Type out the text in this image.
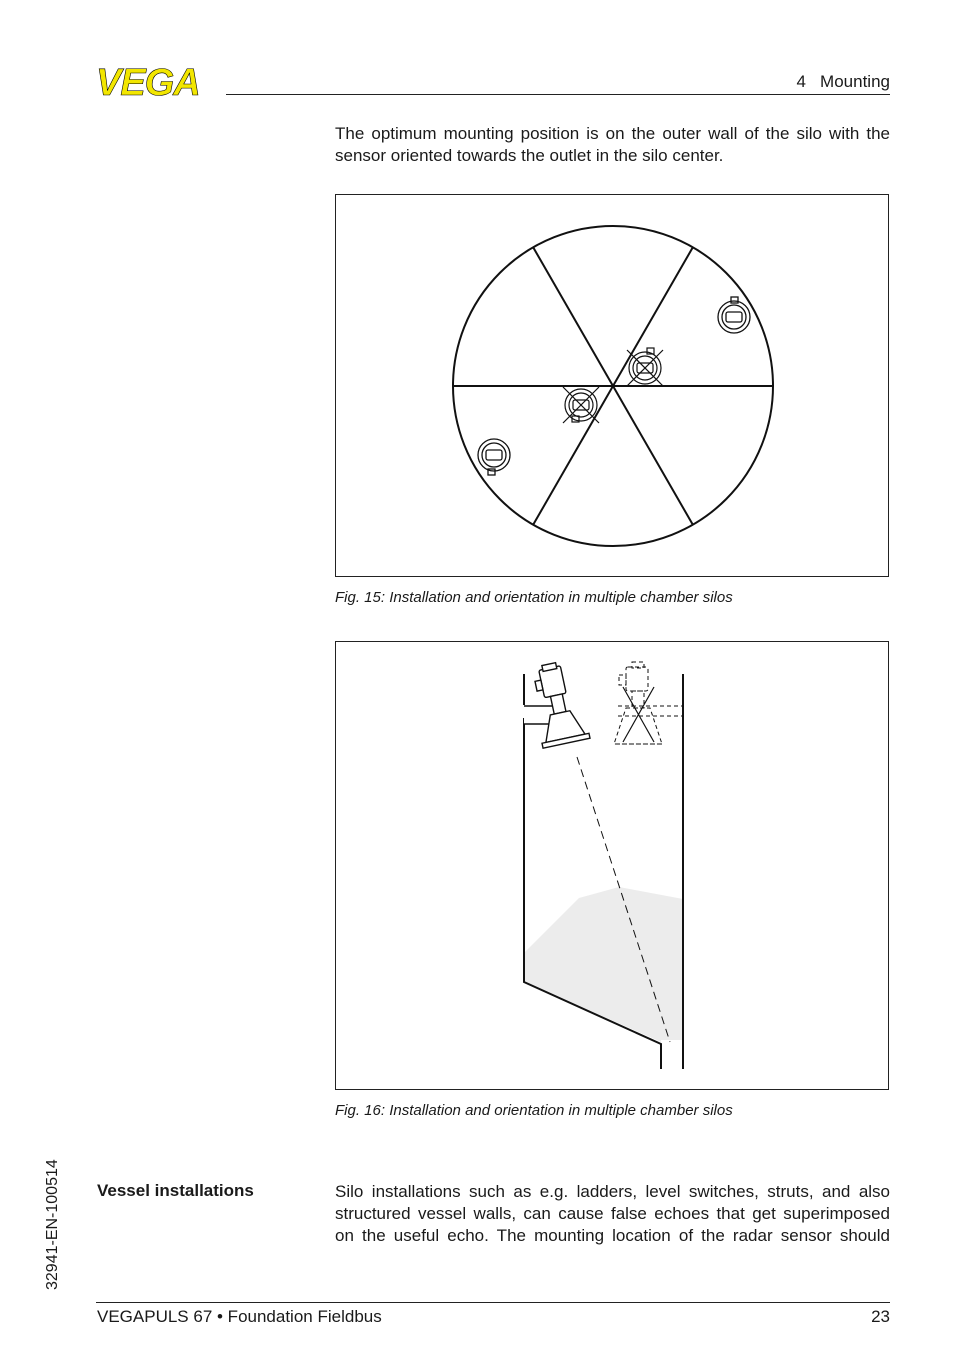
VEGA	4   Mounting
The optimum mounting position is on the outer wall of the silo with the
sensor oriented towards the outlet in the silo center.
Fig. 15: Installation and orientation in multiple chamber silos
Fig. 16: Installation and orientation in multiple chamber silos
Vessel installations	Silo installations such as e.g. ladders, level switches, struts, and also
structured vessel walls, can cause false echoes that get superimposed
on the useful echo. The mounting location of the radar sensor should
32941-EN-100514
VEGAPULS 67 • Foundation Fieldbus	23
